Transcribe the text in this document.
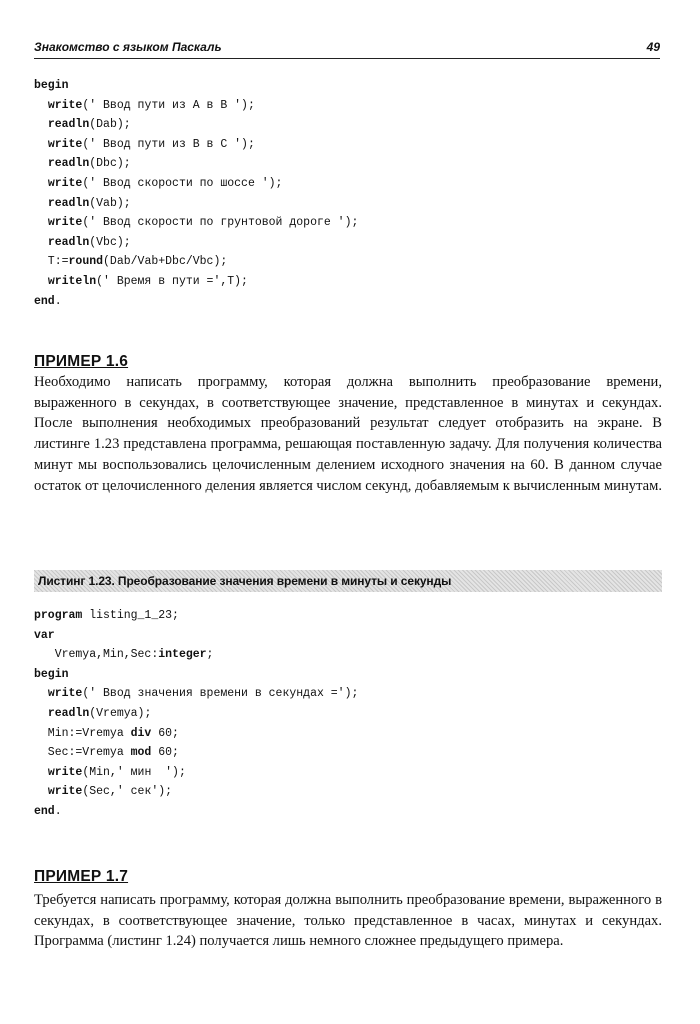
Знакомство с языком Паскаль	49
begin
write(' Ввод пути из А в В ');
readln(Dab);
write(' Ввод пути из В в С ');
readln(Dbc);
write(' Ввод скорости по шоссе ');
readln(Vab);
write(' Ввод скорости по грунтовой дороге ');
readln(Vbc);
T:=round(Dab/Vab+Dbc/Vbc);
writeln(' Время в пути =',T);
end.
ПРИМЕР 1.6

Необходимо написать программу, которая должна выполнить преобразование времени, выраженного в секундах, в соответствующее значение, представленное в минутах и секундах. После выполнения необходимых преобразований результат следует отобразить на экране. В листинге 1.23 представлена программа, решающая поставленную задачу. Для получения количества минут мы воспользовались целочисленным делением исходного значения на 60. В данном случае остаток от целочисленного деления является числом секунд, добавляемым к вычисленным минутам.

Листинг 1.23. Преобразование значения времени в минуты и секунды
program listing_1_23;
var
Vremya,Min,Sec:integer;
begin
write(' Ввод значения времени в секундах =');
readln(Vremya);
Min:=Vremya div 60;
Sec:=Vremya mod 60;
write(Min,' мин  ');
write(Sec,' сек');
end.
ПРИМЕР 1.7

Требуется написать программу, которая должна выполнить преобразование времени, выраженного в секундах, в соответствующее значение, только представленное в часах, минутах и секундах. Программа (листинг 1.24) получается лишь немного сложнее предыдущего примера.
